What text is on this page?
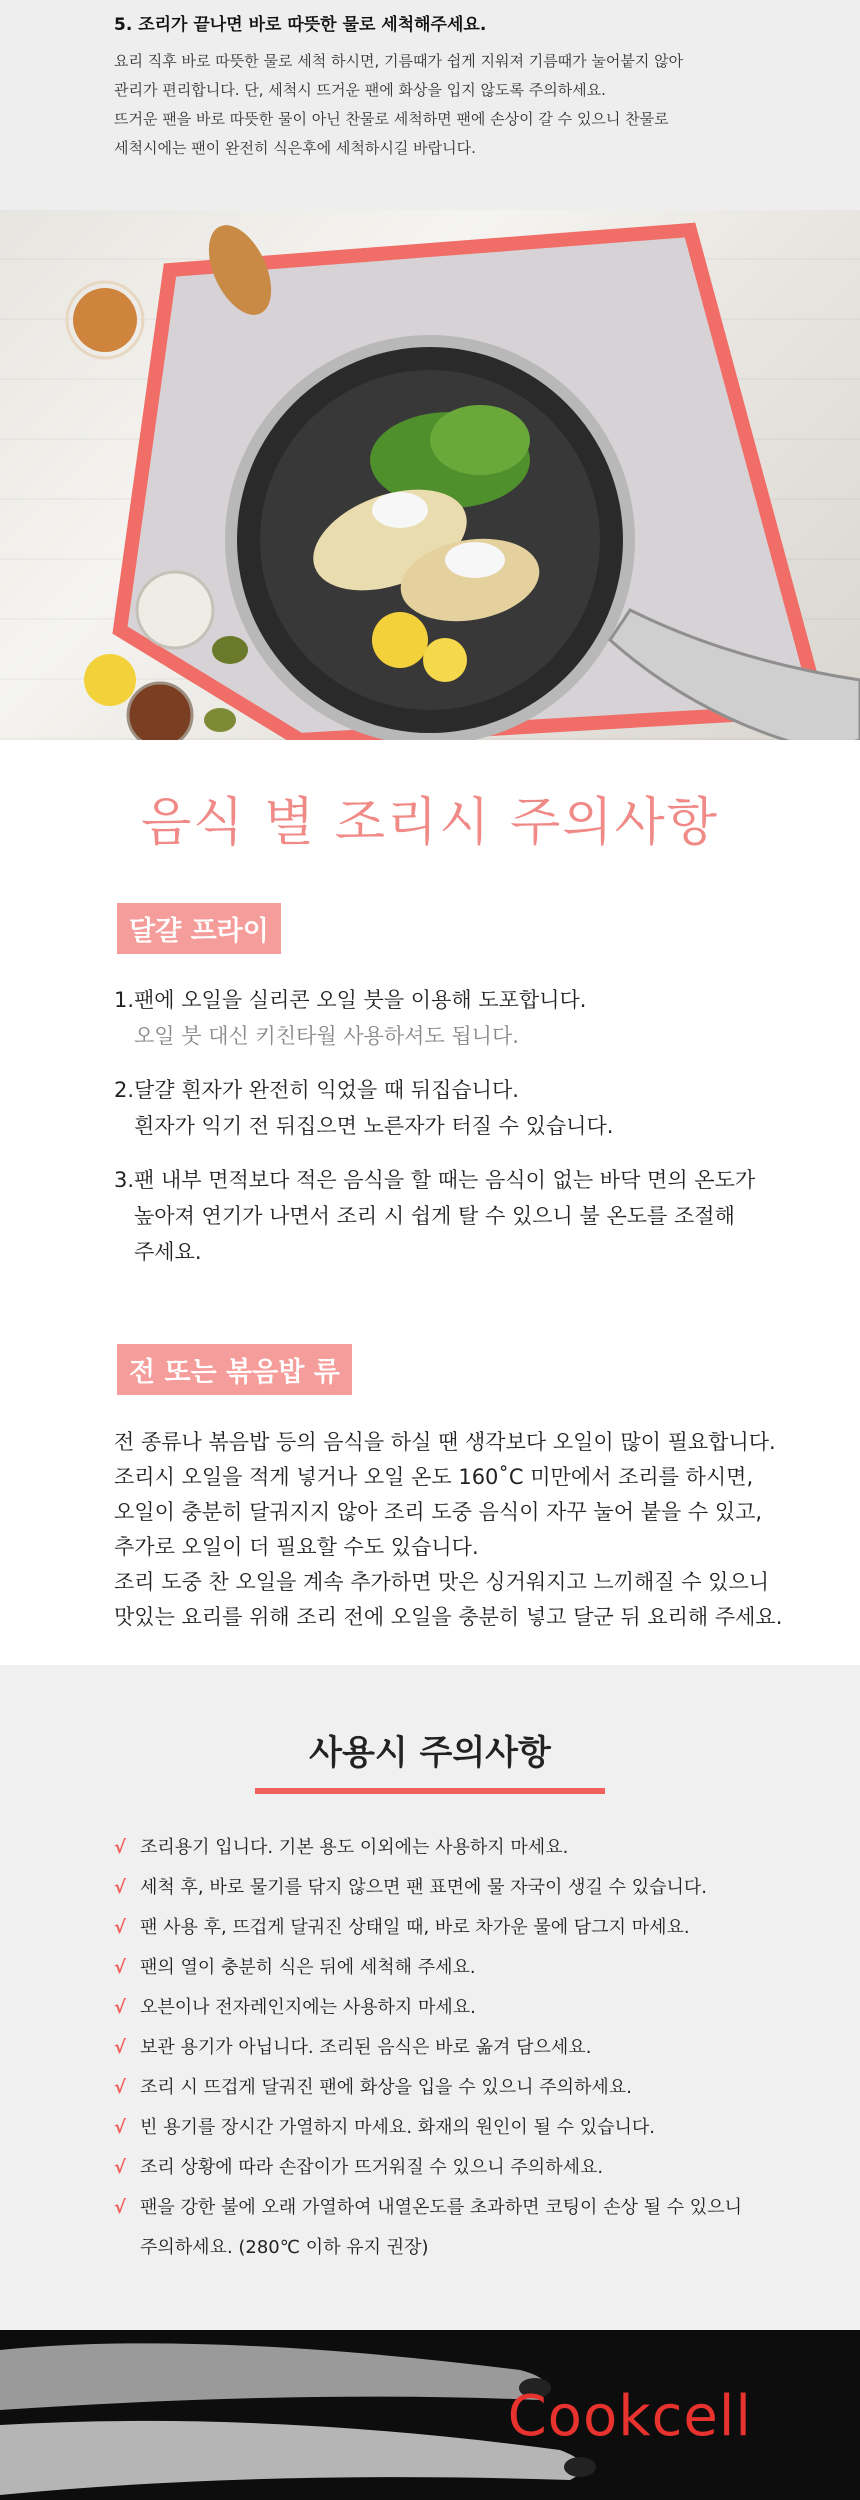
5. 조리가 끝나면 바로 따뜻한 물로 세척해주세요.

요리 직후 바로 따뜻한 물로 세척 하시면, 기름때가 쉽게 지워져 기름때가 눌어붙지 않아
관리가 편리합니다. 단, 세척시 뜨거운 팬에 화상을 입지 않도록 주의하세요.
뜨거운 팬을 바로 따뜻한 물이 아닌 찬물로 세척하면 팬에 손상이 갈 수 있으니 찬물로
세척시에는 팬이 완전히 식은후에 세척하시길 바랍니다.

음식 별 조리시 주의사항
달걀 프라이
1.팬에 오일을 실리콘 오일 붓을 이용해 도포합니다.
오일 붓 대신 키친타월 사용하셔도 됩니다.
2.달걀 흰자가 완전히 익었을 때 뒤집습니다.
흰자가 익기 전 뒤집으면 노른자가 터질 수 있습니다.
3.팬 내부 면적보다 적은 음식을 할 때는 음식이 없는 바닥 면의 온도가
높아져 연기가 나면서 조리 시 쉽게 탈 수 있으니 불 온도를 조절해
주세요.
전 또는 볶음밥 류

전 종류나 볶음밥 등의 음식을 하실 땐 생각보다 오일이 많이 필요합니다.
조리시 오일을 적게 넣거나 오일 온도 160˚C 미만에서 조리를 하시면,
오일이 충분히 달궈지지 않아 조리 도중 음식이 자꾸 눌어 붙을 수 있고,
추가로 오일이 더 필요할 수도 있습니다.
조리 도중 찬 오일을 계속 추가하면 맛은 싱거워지고 느끼해질 수 있으니
맛있는 요리를 위해 조리 전에 오일을 충분히 넣고 달군 뒤 요리해 주세요.

사용시 주의사항
√ 조리용기 입니다. 기본 용도 이외에는 사용하지 마세요.
√ 세척 후, 바로 물기를 닦지 않으면 팬 표면에 물 자국이 생길 수 있습니다.
√ 팬 사용 후, 뜨겁게 달궈진 상태일 때, 바로 차가운 물에 담그지 마세요.
√ 팬의 열이 충분히 식은 뒤에 세척해 주세요.
√ 오븐이나 전자레인지에는 사용하지 마세요.
√ 보관 용기가 아닙니다. 조리된 음식은 바로 옮겨 담으세요.
√ 조리 시 뜨겁게 달궈진 팬에 화상을 입을 수 있으니 주의하세요.
√ 빈 용기를 장시간 가열하지 마세요. 화재의 원인이 될 수 있습니다.
√ 조리 상황에 따라 손잡이가 뜨거워질 수 있으니 주의하세요.
√ 팬을 강한 불에 오래 가열하여 내열온도를 초과하면 코팅이 손상 될 수 있으니
주의하세요. (280℃ 이하 유지 권장)
Cookcell
